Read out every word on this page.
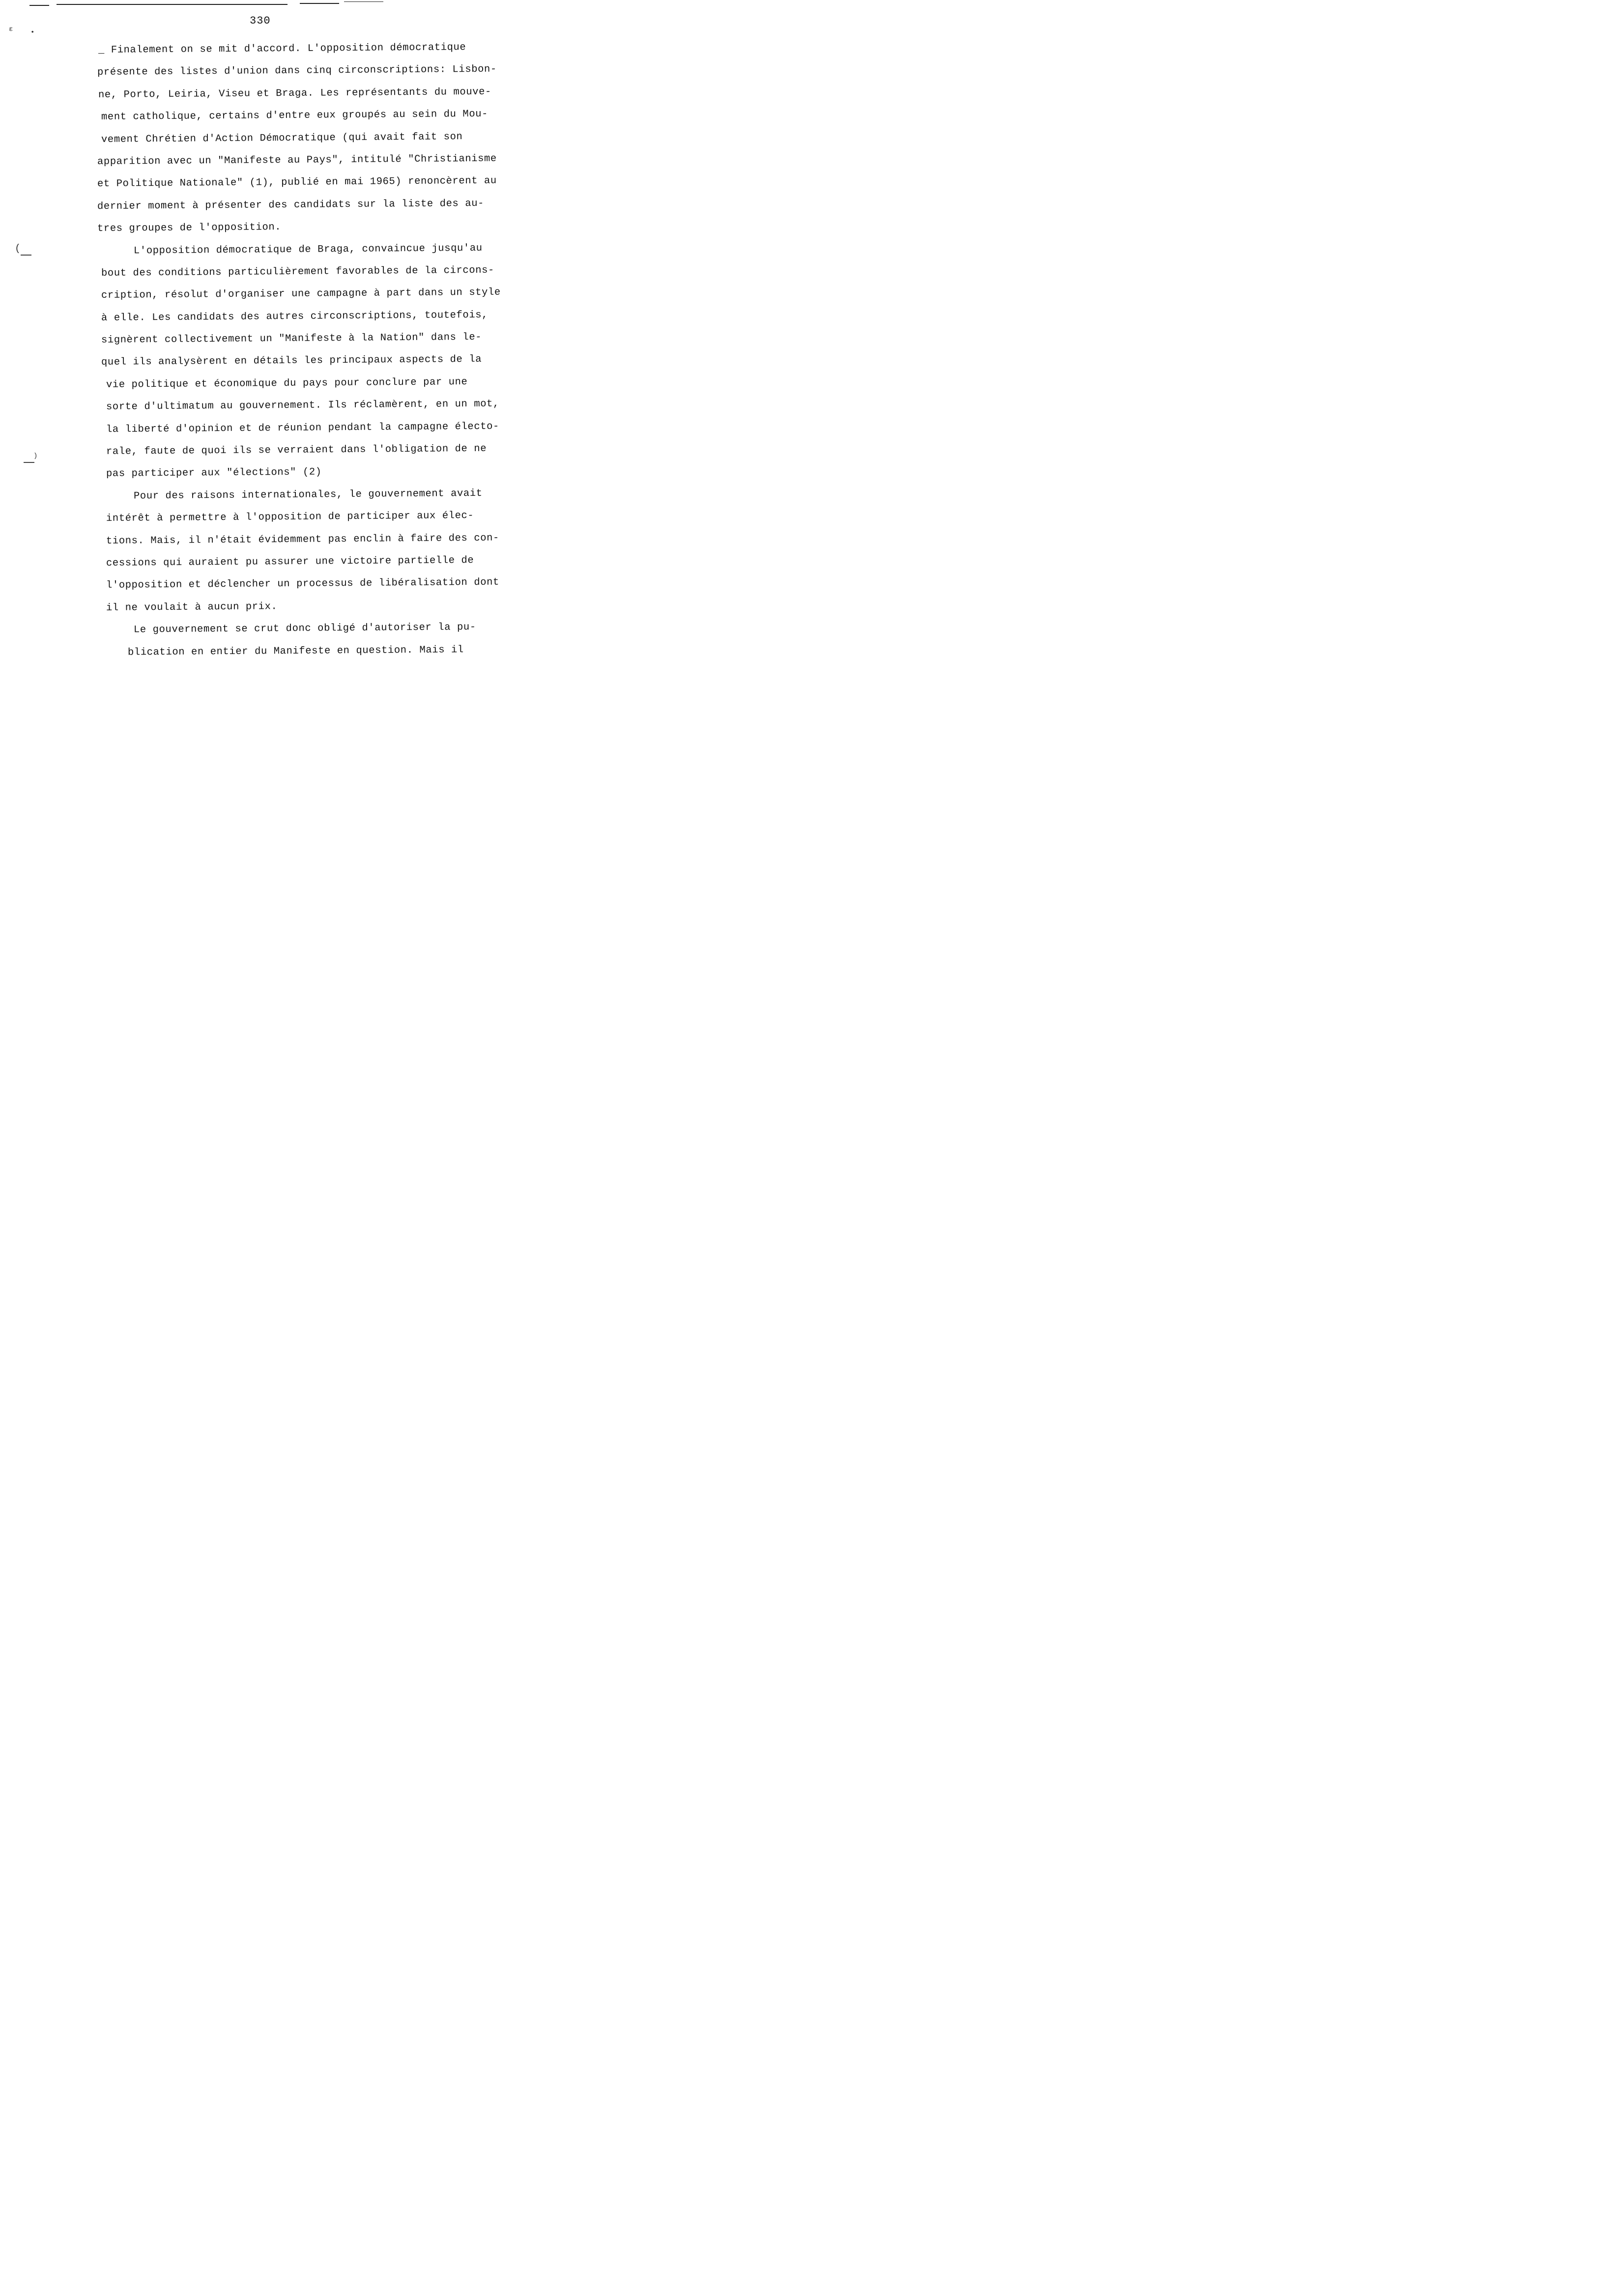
330
ɛ	•
(
)
_ Finalement on se mit d'accord. L'opposition démocratique
présente des listes d'union dans cinq circonscriptions: Lisbon-
ne, Porto, Leiria, Viseu et Braga. Les représentants du mouve-
ment catholique, certains d'entre eux groupés au sein du Mou-
vement Chrétien d'Action Démocratique (qui avait fait son
apparition avec un "Manifeste au Pays", intitulé "Christianisme
et Politique Nationale" (1), publié en mai 1965) renoncèrent au
dernier moment à présenter des candidats sur la liste des au-
tres groupes de l'opposition.
L'opposition démocratique de Braga, convaincue jusqu'au
bout des conditions particulièrement favorables de la circons-
cription, résolut d'organiser une campagne à part dans un style
à elle. Les candidats des autres circonscriptions, toutefois,
signèrent collectivement un "Manifeste à la Nation" dans le-
quel ils analysèrent en détails les principaux aspects de la
vie politique et économique du pays pour conclure par une
sorte d'ultimatum au gouvernement. Ils réclamèrent, en un mot,
la liberté d'opinion et de réunion pendant la campagne électo-
rale, faute de quoi ils se verraient dans l'obligation de ne
pas participer aux "élections" (2)
Pour des raisons internationales, le gouvernement avait
intérêt à permettre à l'opposition de participer aux élec-
tions. Mais, il n'était évidemment pas enclin à faire des con-
cessions qui auraient pu assurer une victoire partielle de
l'opposition et déclencher un processus de libéralisation dont
il ne voulait à aucun prix.
Le gouvernement se crut donc obligé d'autoriser la pu-
blication en entier du Manifeste en question. Mais il
